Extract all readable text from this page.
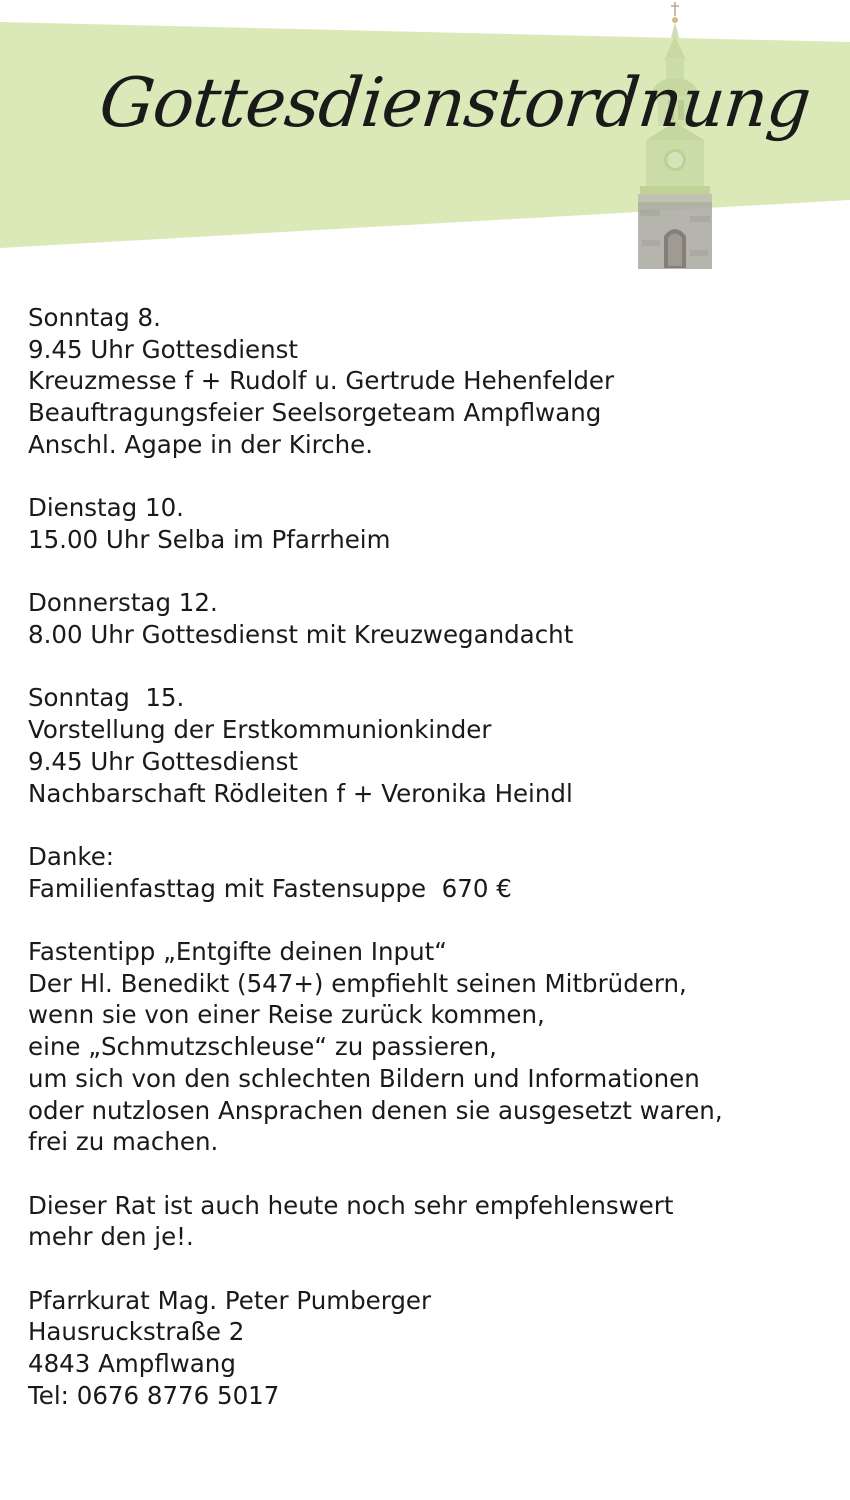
Gottesdienstordnung
Sonntag 8.
9.45 Uhr Gottesdienst
Kreuzmesse f + Rudolf u. Gertrude Hehenfelder
Beauftragungsfeier Seelsorgeteam Ampflwang
Anschl. Agape in der Kirche.
Dienstag 10.
15.00 Uhr Selba im Pfarrheim
Donnerstag 12.
8.00 Uhr Gottesdienst mit Kreuzwegandacht
Sonntag  15.
Vorstellung der Erstkommunionkinder
9.45 Uhr Gottesdienst
Nachbarschaft Rödleiten f + Veronika Heindl
Danke:
Familienfasttag mit Fastensuppe  670 €
Fastentipp „Entgifte deinen Input“
Der Hl. Benedikt (547+) empfiehlt seinen Mitbrüdern,
wenn sie von einer Reise zurück kommen,
eine „Schmutzschleuse“ zu passieren,
um sich von den schlechten Bildern und Informationen
oder nutzlosen Ansprachen denen sie ausgesetzt waren,
frei zu machen.
Dieser Rat ist auch heute noch sehr empfehlenswert
mehr den je!.
Pfarrkurat Mag. Peter Pumberger
Hausruckstraße 2
4843 Ampflwang
Tel: 0676 8776 5017
